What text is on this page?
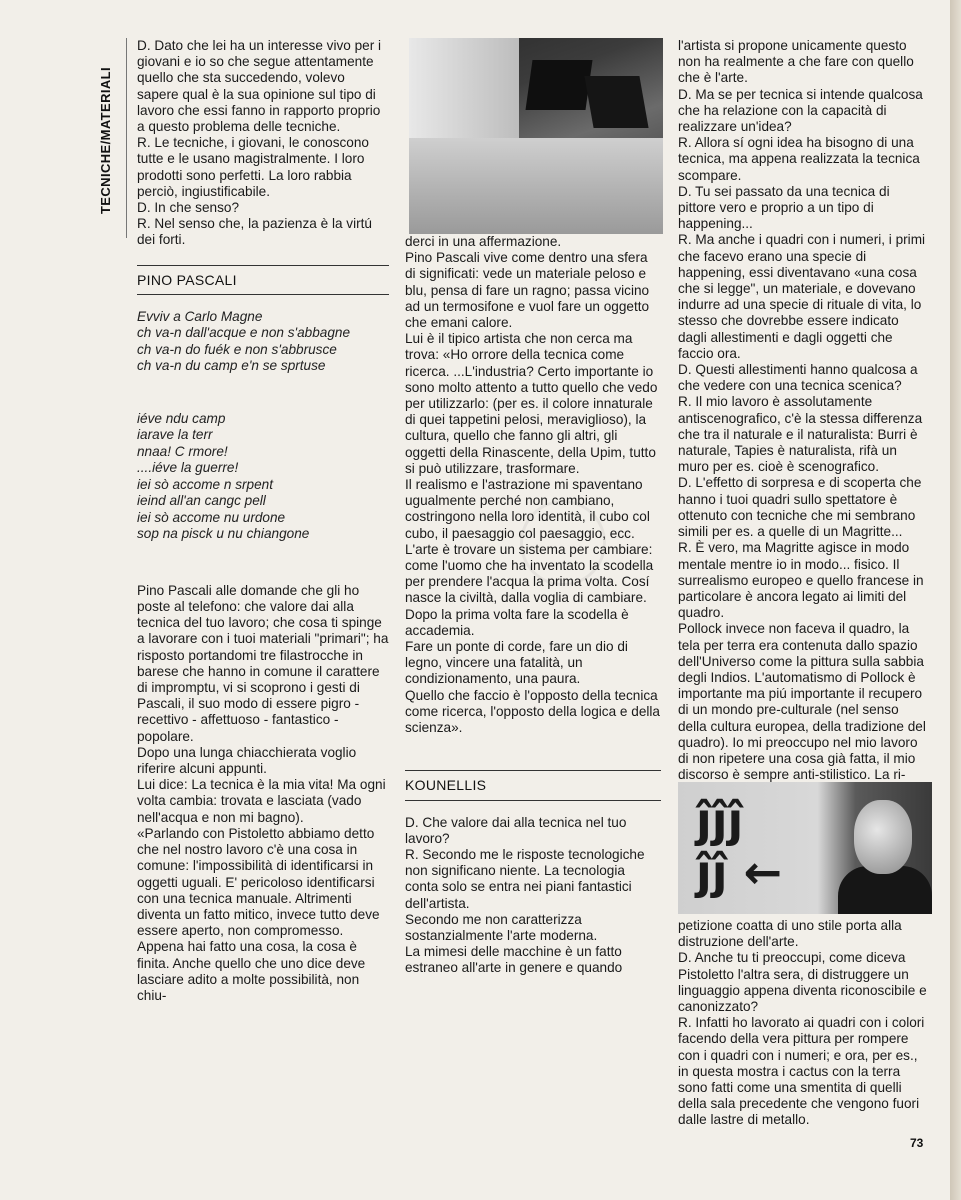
TECNICHE/MATERIALI

D. Dato che lei ha un interesse vivo per i giovani e io so che segue attentamente quello che sta succedendo, volevo sapere qual è la sua opinione sul tipo di lavoro che essi fanno in rapporto proprio a questo problema delle tecniche.

R. Le tecniche, i giovani, le conoscono tutte e le usano magistralmente. I loro prodotti sono perfetti. La loro rabbia perciò, ingiustificabile.

D. In che senso?

R. Nel senso che, la pazienza è la virtú dei forti.

PINO PASCALI
Evviv a Carlo Magne
ch va-n dall'acque e non s'abbagne
ch va-n do fuék e non s'abbrusce
ch va-n du camp e'n se sprtuse
iéve ndu camp
iarave la terr
nnaa! C rmore!
....iéve la guerre!
iei sò accome n srpent
ieind all'an cangc pell
iei sò accome nu urdone
sop na pisck u nu chiangone

Pino Pascali alle domande che gli ho poste al telefono: che valore dai alla tecnica del tuo lavoro; che cosa ti spinge a lavorare con i tuoi materiali "primari"; ha risposto portandomi tre filastrocche in barese che hanno in comune il carattere di impromptu, vi si scoprono i gesti di Pascali, il suo modo di essere pigro - recettivo - affettuoso - fantastico - popolare.

Dopo una lunga chiacchierata voglio riferire alcuni appunti.

Lui dice: La tecnica è la mia vita! Ma ogni volta cambia: trovata e lasciata (vado nell'acqua e non mi bagno).

«Parlando con Pistoletto abbiamo detto che nel nostro lavoro c'è una cosa in comune: l'impossibilità di identificarsi in oggetti uguali. E' pericoloso identificarsi con una tecnica manuale. Altrimenti diventa un fatto mitico, invece tutto deve essere aperto, non compromesso. Appena hai fatto una cosa, la cosa è finita. Anche quello che uno dice deve lasciare adito a molte possibilità, non chiu-

derci in una affermazione.

Pino Pascali vive come dentro una sfera di significati: vede un materiale peloso e blu, pensa di fare un ragno; passa vicino ad un termosifone e vuol fare un oggetto che emani calore.

Lui è il tipico artista che non cerca ma trova: «Ho orrore della tecnica come ricerca. ...L'industria? Certo importante io sono molto attento a tutto quello che vedo per utilizzarlo: (per es. il colore innaturale di quei tappetini pelosi, meraviglioso), la cultura, quello che fanno gli altri, gli oggetti della Rinascente, della Upim, tutto si può utilizzare, trasformare.

Il realismo e l'astrazione mi spaventano ugualmente perché non cambiano, costringono nella loro identità, il cubo col cubo, il paesaggio col paesaggio, ecc. L'arte è trovare un sistema per cambiare: come l'uomo che ha inventato la scodella per prendere l'acqua la prima volta. Cosí nasce la civiltà, dalla voglia di cambiare. Dopo la prima volta fare la scodella è accademia.

Fare un ponte di corde, fare un dio di legno, vincere una fatalità, un condizionamento, una paura.

Quello che faccio è l'opposto della tecnica come ricerca, l'opposto della logica e della scienza».

KOUNELLIS

D. Che valore dai alla tecnica nel tuo lavoro?

R. Secondo me le risposte tecnologiche non significano niente. La tecnologia conta solo se entra nei piani fantastici dell'artista.

Secondo me non caratterizza sostanzialmente l'arte moderna.

La mimesi delle macchine è un fatto estraneo all'arte in genere e quando

l'artista si propone unicamente questo non ha realmente a che fare con quello che è l'arte.

D. Ma se per tecnica si intende qualcosa che ha relazione con la capacità di realizzare un'idea?

R. Allora sí ogni idea ha bisogno di una tecnica, ma appena realizzata la tecnica scompare.

D. Tu sei passato da una tecnica di pittore vero e proprio a un tipo di happening...

R. Ma anche i quadri con i numeri, i primi che facevo erano una specie di happening, essi diventavano «una cosa che si legge", un materiale, e dovevano indurre ad una specie di rituale di vita, lo stesso che dovrebbe essere indicato dagli allestimenti e dagli oggetti che faccio ora.

D. Questi allestimenti hanno qualcosa a che vedere con una tecnica scenica?

R. Il mio lavoro è assolutamente antiscenografico, c'è la stessa differenza che tra il naturale e il naturalista: Burri è naturale, Tapies è naturalista, rifà un muro per es. cioè è scenografico.

D. L'effetto di sorpresa e di scoperta che hanno i tuoi quadri sullo spettatore è ottenuto con tecniche che mi sembrano simili per es. a quelle di un Magritte...

R. È vero, ma Magritte agisce in modo mentale mentre io in modo... fisico. Il surrealismo europeo e quello francese in particolare è ancora legato ai limiti del quadro.

Pollock invece non faceva il quadro, la tela per terra era contenuta dallo spazio dell'Universo come la pittura sulla sabbia degli Indios. L'automatismo di Pollock è importante ma piú importante il recupero di un mondo pre-culturale (nel senso della cultura europea, della tradizione del quadro). Io mi preoccupo nel mio lavoro di non ripetere una cosa già fatta, il mio discorso è sempre anti-stilistico. La ri-

ĵĵĵ
ĵĵ ←

petizione coatta di uno stile porta alla distruzione dell'arte.

D. Anche tu ti preoccupi, come diceva Pistoletto l'altra sera, di distruggere un linguaggio appena diventa riconoscibile e canonizzato?

R. Infatti ho lavorato ai quadri con i colori facendo della vera pittura per rompere con i quadri con i numeri; e ora, per es., in questa mostra i cactus con la terra sono fatti come una smentita di quelli della sala precedente che vengono fuori dalle lastre di metallo.

73
